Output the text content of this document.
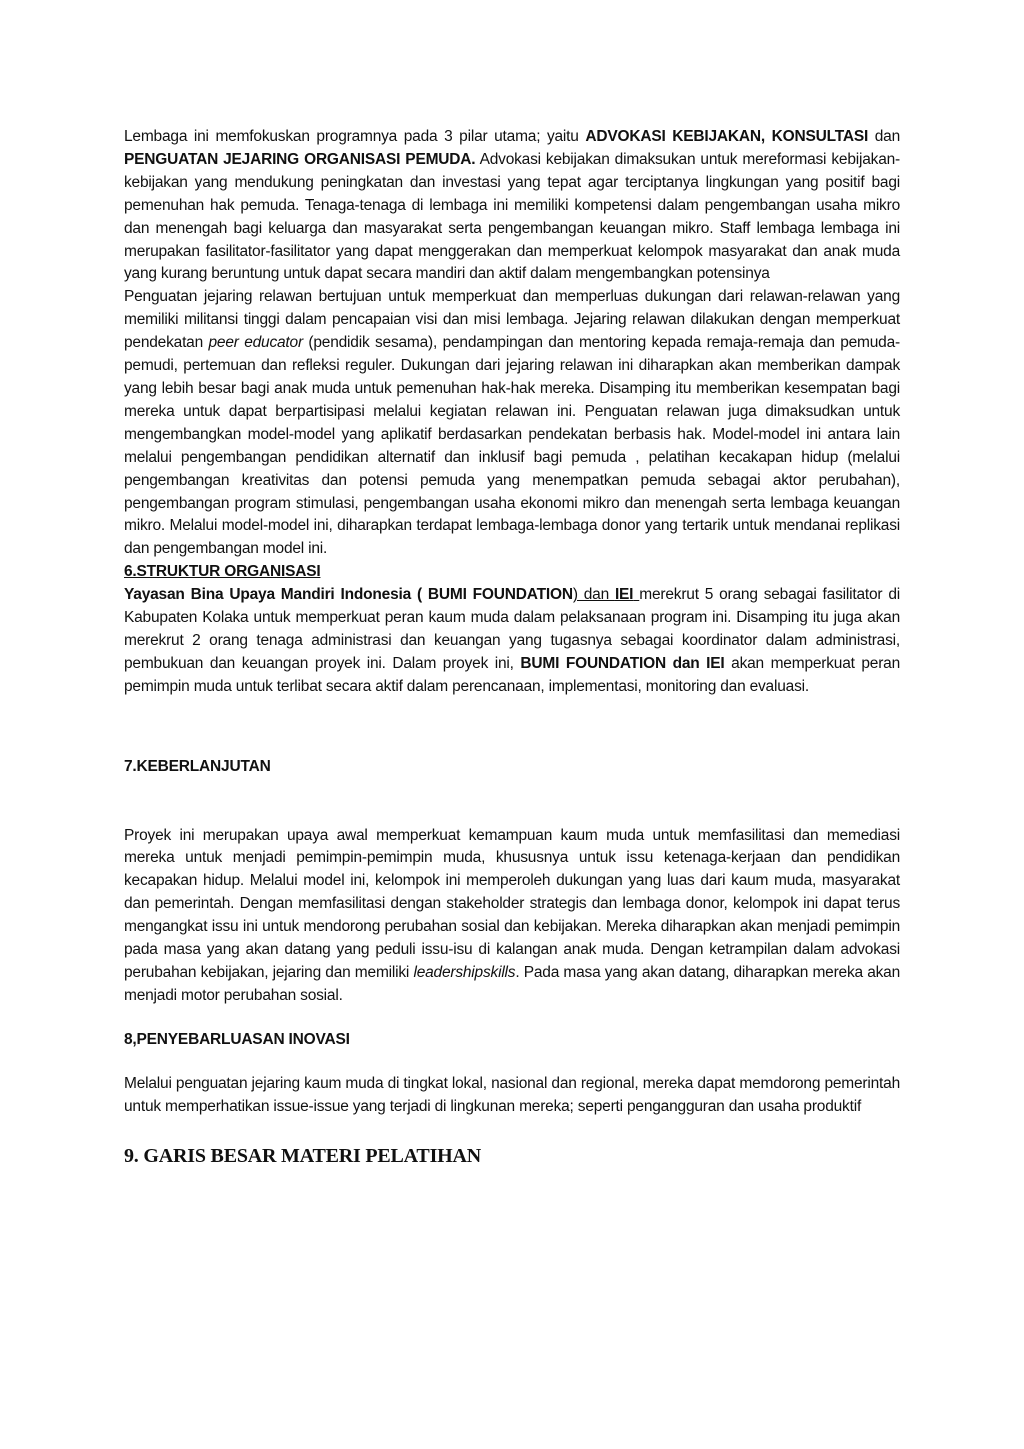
Lembaga ini memfokuskan programnya pada 3 pilar utama; yaitu ADVOKASI KEBIJAKAN, KONSULTASI dan PENGUATAN JEJARING ORGANISASI PEMUDA. Advokasi kebijakan dimaksukan untuk mereformasi kebijakan-kebijakan yang mendukung peningkatan dan investasi yang tepat agar terciptanya lingkungan yang positif bagi pemenuhan hak pemuda. Tenaga-tenaga di lembaga ini memiliki kompetensi dalam pengembangan usaha mikro dan menengah bagi keluarga dan masyarakat serta pengembangan keuangan mikro. Staff lembaga lembaga ini merupakan fasilitator-fasilitator yang dapat menggerakan dan memperkuat kelompok masyarakat dan anak muda yang kurang beruntung untuk dapat secara mandiri dan aktif dalam mengembangkan potensinya

Penguatan jejaring relawan bertujuan untuk memperkuat dan memperluas dukungan dari relawan-relawan yang memiliki militansi tinggi dalam pencapaian visi dan misi lembaga. Jejaring relawan dilakukan dengan memperkuat pendekatan peer educator (pendidik sesama), pendampingan dan mentoring kepada remaja-remaja dan pemuda-pemudi, pertemuan dan refleksi reguler. Dukungan dari jejaring relawan ini diharapkan akan memberikan dampak yang lebih besar bagi anak muda untuk pemenuhan hak-hak mereka. Disamping itu memberikan kesempatan bagi mereka untuk dapat berpartisipasi melalui kegiatan relawan ini. Penguatan relawan juga dimaksudkan untuk mengembangkan model-model yang aplikatif berdasarkan pendekatan berbasis hak. Model-model ini antara lain melalui pengembangan pendidikan alternatif dan inklusif bagi pemuda , pelatihan kecakapan hidup (melalui pengembangan kreativitas dan potensi pemuda yang menempatkan pemuda sebagai aktor perubahan), pengembangan program stimulasi, pengembangan usaha ekonomi mikro dan menengah serta lembaga keuangan mikro. Melalui model-model ini, diharapkan terdapat lembaga-lembaga donor yang tertarik untuk mendanai replikasi dan pengembangan model ini.

6.STRUKTUR ORGANISASI

Yayasan Bina Upaya Mandiri Indonesia ( BUMI FOUNDATION) dan IEI merekrut 5 orang sebagai fasilitator di Kabupaten Kolaka untuk memperkuat peran kaum muda dalam pelaksanaan program ini. Disamping itu juga akan merekrut 2 orang tenaga administrasi dan keuangan yang tugasnya sebagai koordinator dalam administrasi, pembukuan dan keuangan proyek ini. Dalam proyek ini, BUMI FOUNDATION dan IEI akan memperkuat peran pemimpin muda untuk terlibat secara aktif dalam perencanaan, implementasi, monitoring dan evaluasi.

7.KEBERLANJUTAN

Proyek ini merupakan upaya awal memperkuat kemampuan kaum muda untuk memfasilitasi dan memediasi mereka untuk menjadi pemimpin-pemimpin muda, khususnya untuk issu ketenaga-kerjaan dan pendidikan kecapakan hidup. Melalui model ini, kelompok ini memperoleh dukungan yang luas dari kaum muda, masyarakat dan pemerintah. Dengan memfasilitasi dengan stakeholder strategis dan lembaga donor, kelompok ini dapat terus mengangkat issu ini untuk mendorong perubahan sosial dan kebijakan. Mereka diharapkan akan menjadi pemimpin pada masa yang akan datang yang peduli issu-isu di kalangan anak muda. Dengan ketrampilan dalam advokasi perubahan kebijakan, jejaring dan memiliki leadershipskills. Pada masa yang akan datang, diharapkan mereka akan menjadi motor perubahan sosial.

8,PENYEBARLUASAN INOVASI

Melalui penguatan jejaring kaum muda di tingkat lokal, nasional dan regional, mereka dapat memdorong pemerintah untuk memperhatikan issue-issue yang terjadi di lingkunan mereka; seperti pengangguran dan usaha produktif

9. GARIS BESAR MATERI PELATIHAN
